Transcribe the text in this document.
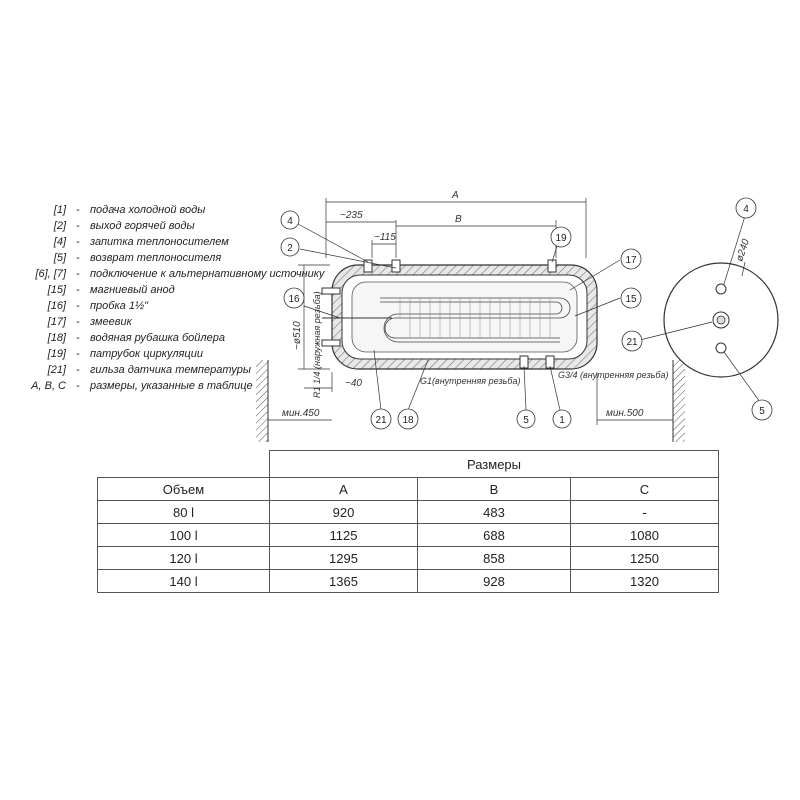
[1] - подача холодной воды
[2] - выход горячей воды
[4] - запитка теплоносителем
[5] - возврат теплоносителя
[6], [7] - подключение к альтернативному источнику
[15] - магниевый анод
[16] - пробка 1½"
[17] - змеевик
[18] - водяная рубашка бойлера
[19] - патрубок циркуляции
[21] - гильза датчика температуры
A, B, C - размеры, указанные в таблице
A
B
~235
~115
~40
~ø510 R1 1/4 (наружная резьба)	G1(внутренняя резьба)
G3/4 (внутренняя резьба)
мин.450	мин.500
4
2
16
21 18	5	1
19
17
15
ø240
4
21
5
	Размеры		
Объем	A	B	C
80 l	920	483	-
100 l	1125	688	1080
120 l	1295	858	1250
140 l	1365	928	1320
